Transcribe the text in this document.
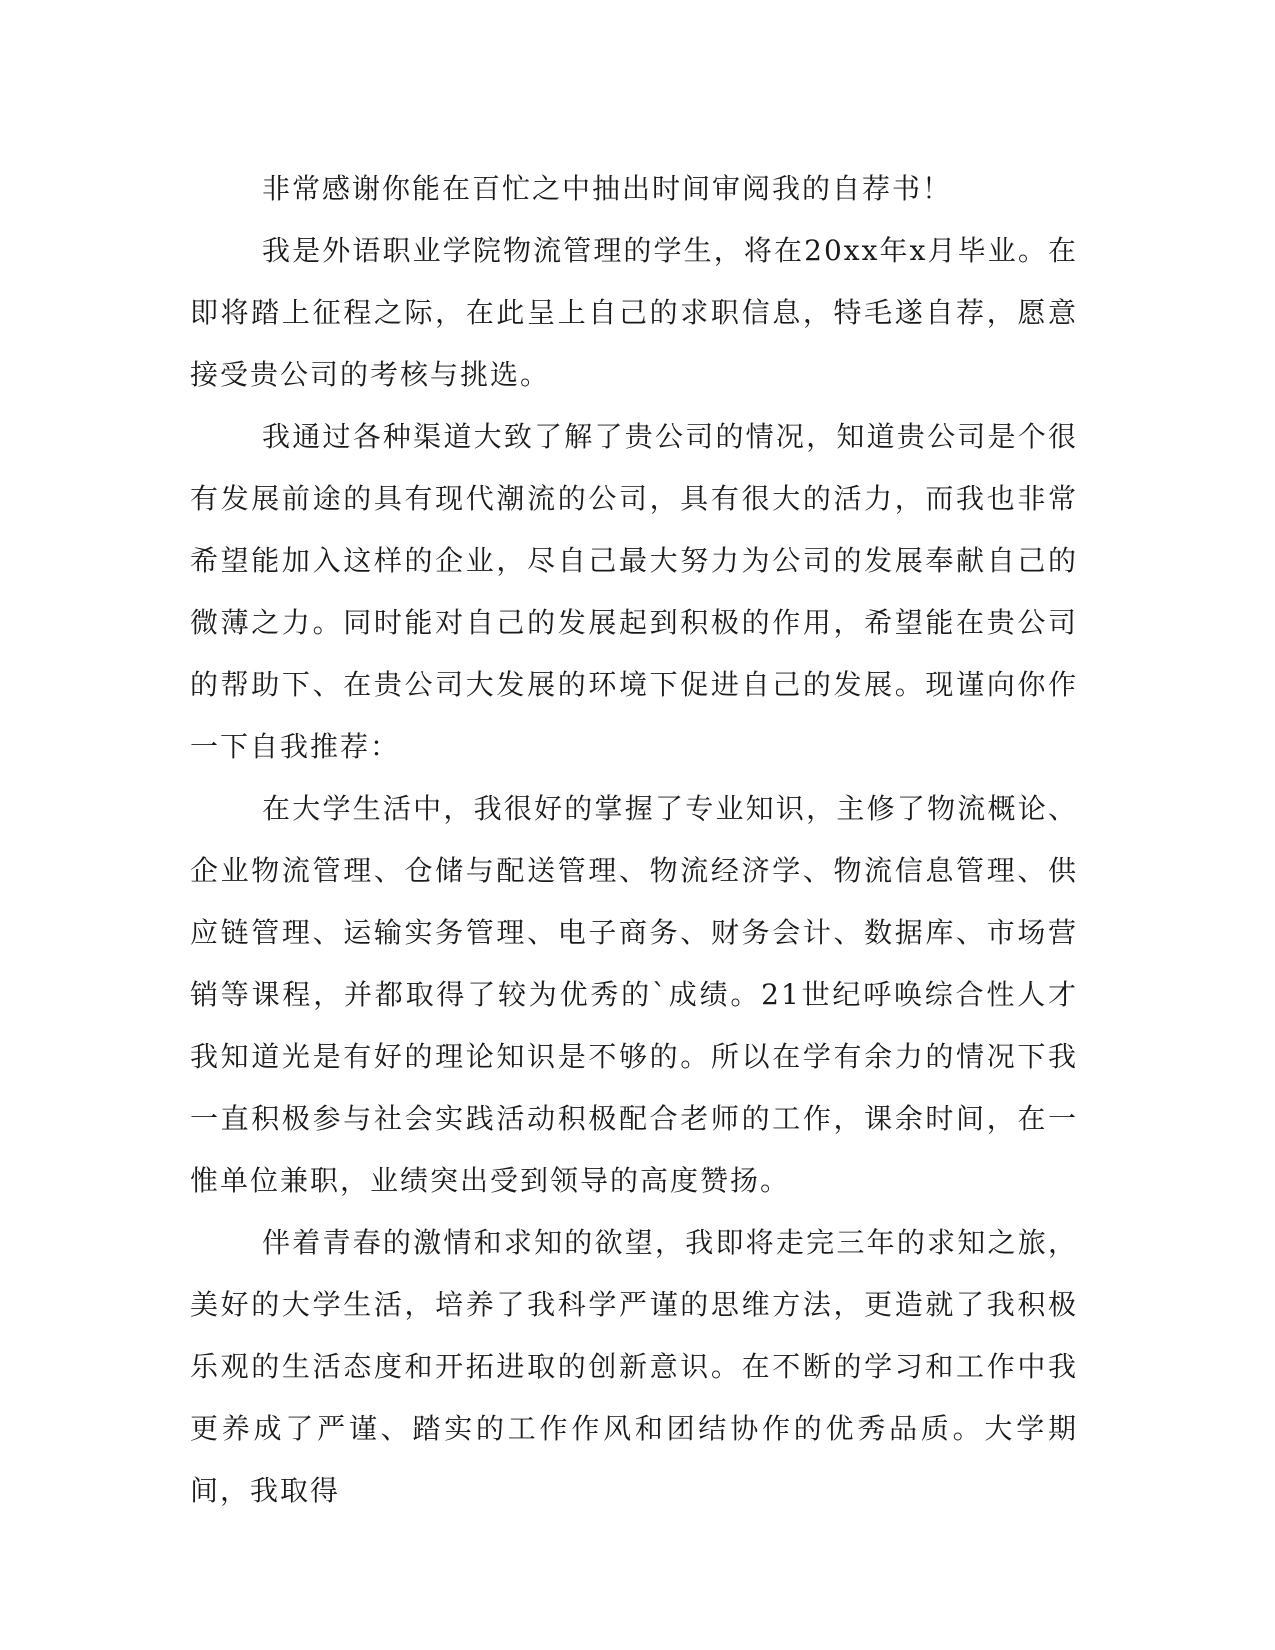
非常感谢你能在百忙之中抽出时间审阅我的自荐书！

我是外语职业学院物流管理的学生，将在20xx年x月毕业。在即将踏上征程之际，在此呈上自己的求职信息，特毛遂自荐，愿意接受贵公司的考核与挑选。

我通过各种渠道大致了解了贵公司的情况，知道贵公司是个很有发展前途的具有现代潮流的公司，具有很大的活力，而我也非常希望能加入这样的企业，尽自己最大努力为公司的发展奉献自己的微薄之力。同时能对自己的发展起到积极的作用，希望能在贵公司的帮助下、在贵公司大发展的环境下促进自己的发展。现谨向你作一下自我推荐：

在大学生活中，我很好的掌握了专业知识，主修了物流概论、企业物流管理、仓储与配送管理、物流经济学、物流信息管理、供应链管理、运输实务管理、电子商务、财务会计、数据库、市场营销等课程，并都取得了较为优秀的`成绩。21世纪呼唤综合性人才我知道光是有好的理论知识是不够的。所以在学有余力的情况下我一直积极参与社会实践活动积极配合老师的工作，课余时间，在一惟单位兼职，业绩突出受到领导的高度赞扬。

伴着青春的激情和求知的欲望，我即将走完三年的求知之旅，美好的大学生活，培养了我科学严谨的思维方法，更造就了我积极乐观的生活态度和开拓进取的创新意识。在不断的学习和工作中我更养成了严谨、踏实的工作作风和团结协作的优秀品质。大学期间，我取得
